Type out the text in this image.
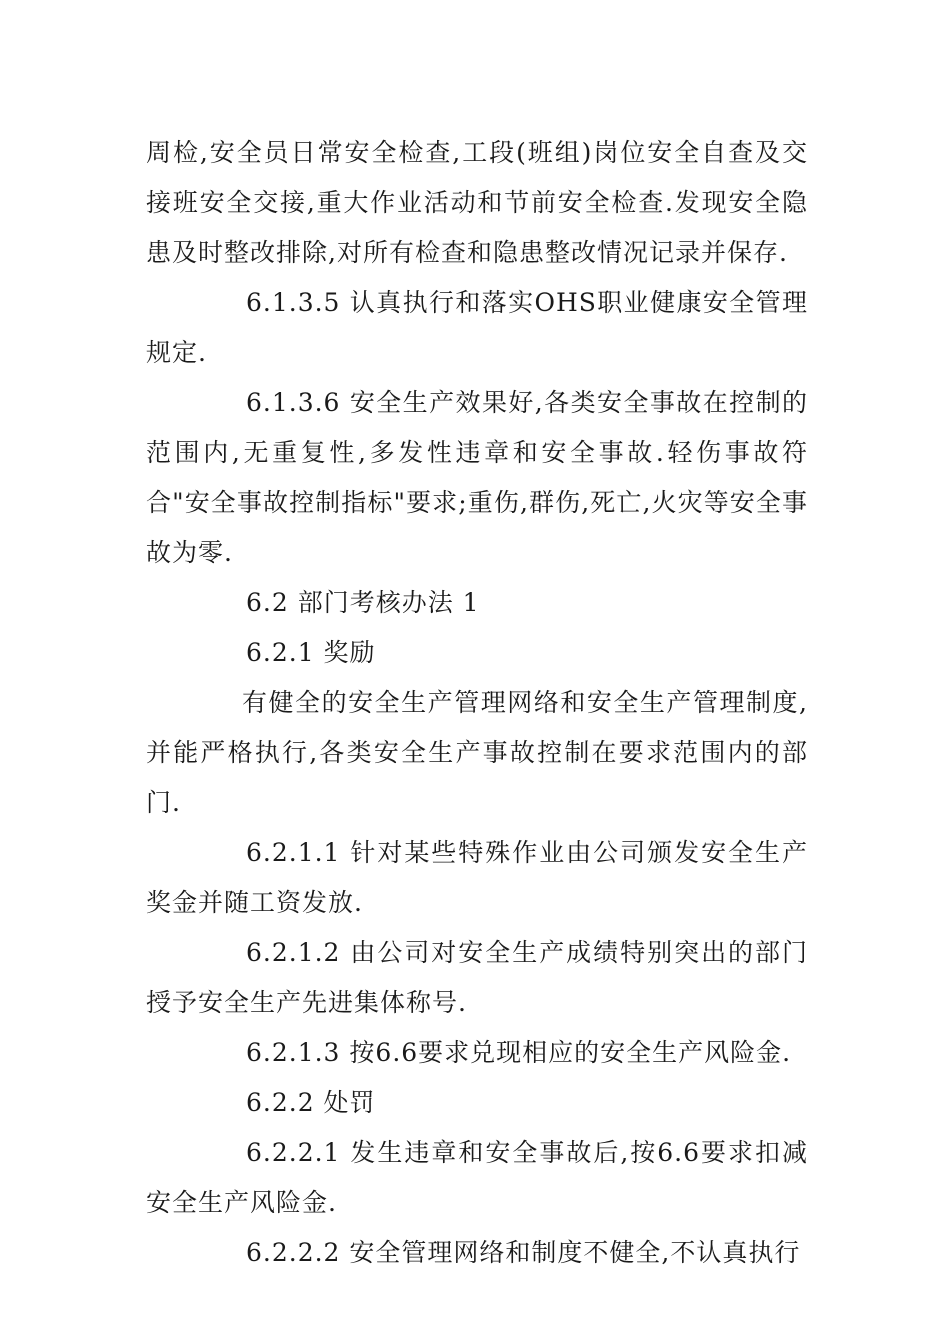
周检,安全员日常安全检查,工段(班组)岗位安全自查及交接班安全交接,重大作业活动和节前安全检查.发现安全隐患及时整改排除,对所有检查和隐患整改情况记录并保存.

6.1.3.5 认真执行和落实OHS职业健康安全管理规定.

6.1.3.6 安全生产效果好,各类安全事故在控制的范围内,无重复性,多发性违章和安全事故.轻伤事故符合"安全事故控制指标"要求;重伤,群伤,死亡,火灾等安全事故为零.

6.2 部门考核办法 1

6.2.1 奖励

有健全的安全生产管理网络和安全生产管理制度,并能严格执行,各类安全生产事故控制在要求范围内的部门.

6.2.1.1 针对某些特殊作业由公司颁发安全生产奖金并随工资发放.

6.2.1.2 由公司对安全生产成绩特别突出的部门授予安全生产先进集体称号.

6.2.1.3 按6.6要求兑现相应的安全生产风险金.

6.2.2 处罚

6.2.2.1 发生违章和安全事故后,按6.6要求扣减安全生产风险金.

6.2.2.2 安全管理网络和制度不健全,不认真执行
